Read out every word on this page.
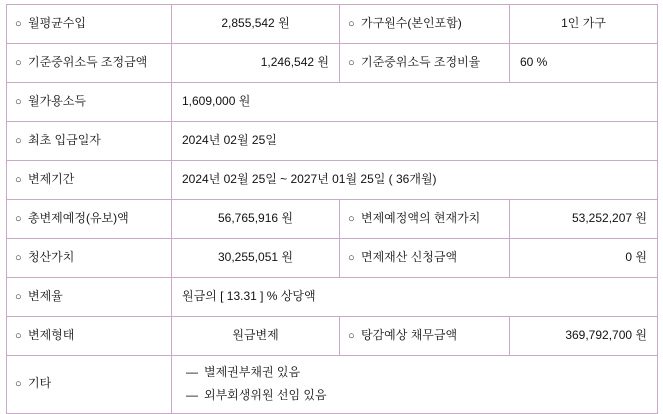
○ 월평균수입	2,855,542 원	○ 가구원수(본인포함)	1인 가구

○ 기준중위소득 조정금액	1,246,542 원	○ 기준중위소득 조정비율	60 %

○ 월가용소득	1,609,000 원		

○ 최초 입금일자	2024년 02월 25일		

○ 변제기간	2024년 02월 25일 ~ 2027년 01월 25일 ( 36개월)		

○ 총변제예정(유보)액	56,765,916 원	○ 변제예정액의 현재가치	53,252,207 원

○ 청산가치	30,255,051 원	○ 면제재산 신청금액	0 원

○ 변제율	원금의 [ 13.31 ] % 상당액		

○ 변제형태	원금변제	○ 탕감예상 채무금액	369,792,700 원

○ 기타	— 별제권부채권 있음
— 외부회생위원 선임 있음		
